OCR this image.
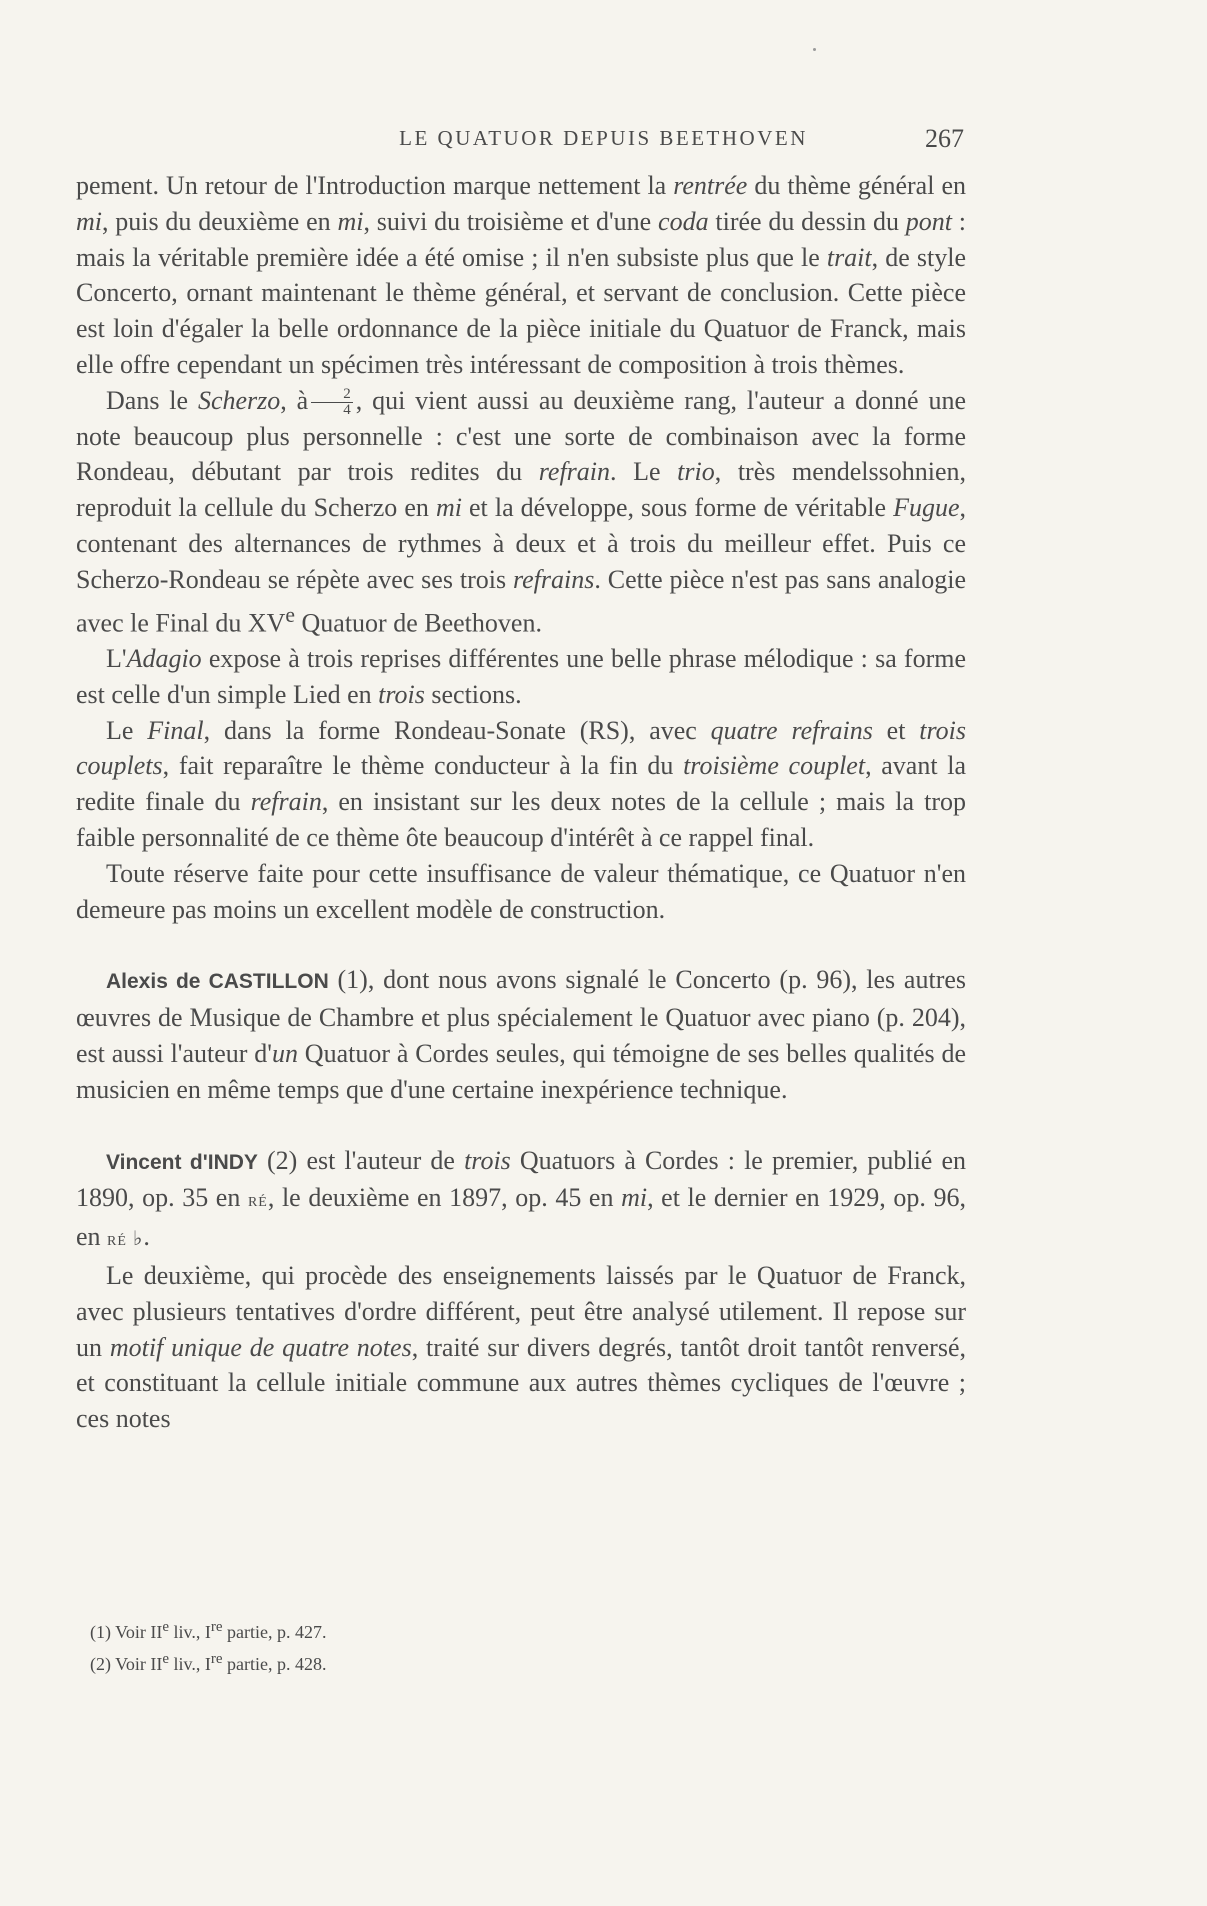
LE QUATUOR DEPUIS BEETHOVEN	267

pement. Un retour de l'Introduction marque nettement la rentrée du thème général en mi, puis du deuxième en mi, suivi du troisième et d'une coda tirée du dessin du pont : mais la véritable première idée a été omise ; il n'en subsiste plus que le trait, de style Concerto, ornant maintenant le thème général, et servant de conclusion. Cette pièce est loin d'égaler la belle ordonnance de la pièce initiale du Quatuor de Franck, mais elle offre cependant un spécimen très intéressant de composition à trois thèmes.

Dans le Scherzo, à $\frac{2}{4}$ , qui vient aussi au deuxième rang, l'auteur a donné une note beaucoup plus personnelle : c'est une sorte de combinaison avec la forme Rondeau, débutant par trois redites du refrain. Le trio, très mendelssohnien, reproduit la cellule du Scherzo en mi et la développe, sous forme de véritable Fugue, contenant des alternances de rythmes à deux et à trois du meilleur effet. Puis ce Scherzo-Rondeau se répète avec ses trois refrains. Cette pièce n'est pas sans analogie avec le Final du XVe Quatuor de Beethoven.

L'Adagio expose à trois reprises différentes une belle phrase mélodique : sa forme est celle d'un simple Lied en trois sections.

Le Final, dans la forme Rondeau-Sonate (RS), avec quatre refrains et trois couplets, fait reparaître le thème conducteur à la fin du troisième couplet, avant la redite finale du refrain, en insistant sur les deux notes de la cellule ; mais la trop faible personnalité de ce thème ôte beaucoup d'intérêt à ce rappel final.

Toute réserve faite pour cette insuffisance de valeur thématique, ce Quatuor n'en demeure pas moins un excellent modèle de construction.

Alexis de CASTILLON (1), dont nous avons signalé le Concerto (p. 96), les autres œuvres de Musique de Chambre et plus spécialement le Quatuor avec piano (p. 204), est aussi l'auteur d'un Quatuor à Cordes seules, qui témoigne de ses belles qualités de musicien en même temps que d'une certaine inexpérience technique.

Vincent d'INDY (2) est l'auteur de trois Quatuors à Cordes : le premier, publié en 1890, op. 35 en ré, le deuxième en 1897, op. 45 en mi, et le dernier en 1929, op. 96, en ré ♭.

Le deuxième, qui procède des enseignements laissés par le Quatuor de Franck, avec plusieurs tentatives d'ordre différent, peut être analysé utilement. Il repose sur un motif unique de quatre notes, traité sur divers degrés, tantôt droit tantôt renversé, et constituant la cellule initiale commune aux autres thèmes cycliques de l'œuvre ; ces notes

(1) Voir IIe liv., Ire partie, p. 427.

(2) Voir IIe liv., Ire partie, p. 428.
